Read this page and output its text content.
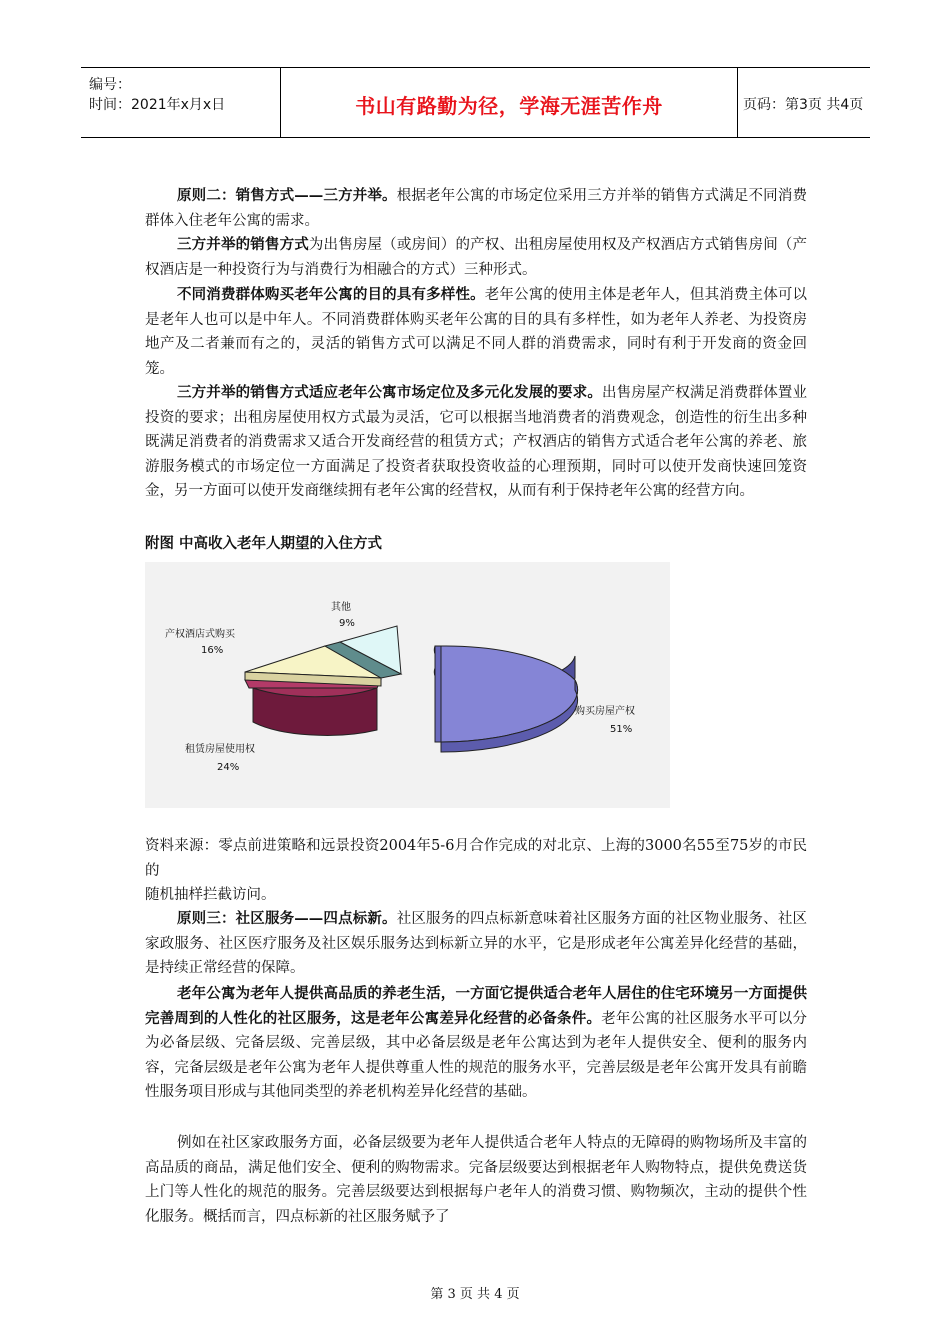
编号：
时间：2021年x月x日	书山有路勤为径，学海无涯苦作舟	页码：第3页 共4页
原则二：销售方式——三方并举。根据老年公寓的市场定位采用三方并举的销售方式满足不同消费群体入住老年公寓的需求。
三方并举的销售方式为出售房屋（或房间）的产权、出租房屋使用权及产权酒店方式销售房间（产权酒店是一种投资行为与消费行为相融合的方式）三种形式。
不同消费群体购买老年公寓的目的具有多样性。老年公寓的使用主体是老年人，但其消费主体可以是老年人也可以是中年人。不同消费群体购买老年公寓的目的具有多样性，如为老年人养老、为投资房地产及二者兼而有之的，灵活的销售方式可以满足不同人群的消费需求，同时有利于开发商的资金回笼。
三方并举的销售方式适应老年公寓市场定位及多元化发展的要求。出售房屋产权满足消费群体置业投资的要求；出租房屋使用权方式最为灵活，它可以根据当地消费者的消费观念，创造性的衍生出多种既满足消费者的消费需求又适合开发商经营的租赁方式；产权酒店的销售方式适合老年公寓的养老、旅游服务模式的市场定位一方面满足了投资者获取投资收益的心理预期，同时可以使开发商快速回笼资金，另一方面可以使开发商继续拥有老年公寓的经营权，从而有利于保持老年公寓的经营方向。
附图 中高收入老年人期望的入住方式
其他
9%
产权酒店式购买
16%
租赁房屋使用权
24%
购买房屋产权
51%
资料来源：零点前进策略和远景投资2004年5-6月合作完成的对北京、上海的3000名55至75岁的市民的
随机抽样拦截访问。
原则三：社区服务——四点标新。社区服务的四点标新意味着社区服务方面的社区物业服务、社区家政服务、社区医疗服务及社区娱乐服务达到标新立异的水平，它是形成老年公寓差异化经营的基础，是持续正常经营的保障。
老年公寓为老年人提供高品质的养老生活，一方面它提供适合老年人居住的住宅环境另一方面提供完善周到的人性化的社区服务，这是老年公寓差异化经营的必备条件。老年公寓的社区服务水平可以分为必备层级、完备层级、完善层级，其中必备层级是老年公寓达到为老年人提供安全、便利的服务内容，完备层级是老年公寓为老年人提供尊重人性的规范的服务水平，完善层级是老年公寓开发具有前瞻性服务项目形成与其他同类型的养老机构差异化经营的基础。
例如在社区家政服务方面，必备层级要为老年人提供适合老年人特点的无障碍的购物场所及丰富的高品质的商品，满足他们安全、便利的购物需求。完备层级要达到根据老年人购物特点，提供免费送货上门等人性化的规范的服务。完善层级要达到根据每户老年人的消费习惯、购物频次，主动的提供个性化服务。概括而言，四点标新的社区服务赋予了
第 3 页 共 4 页
